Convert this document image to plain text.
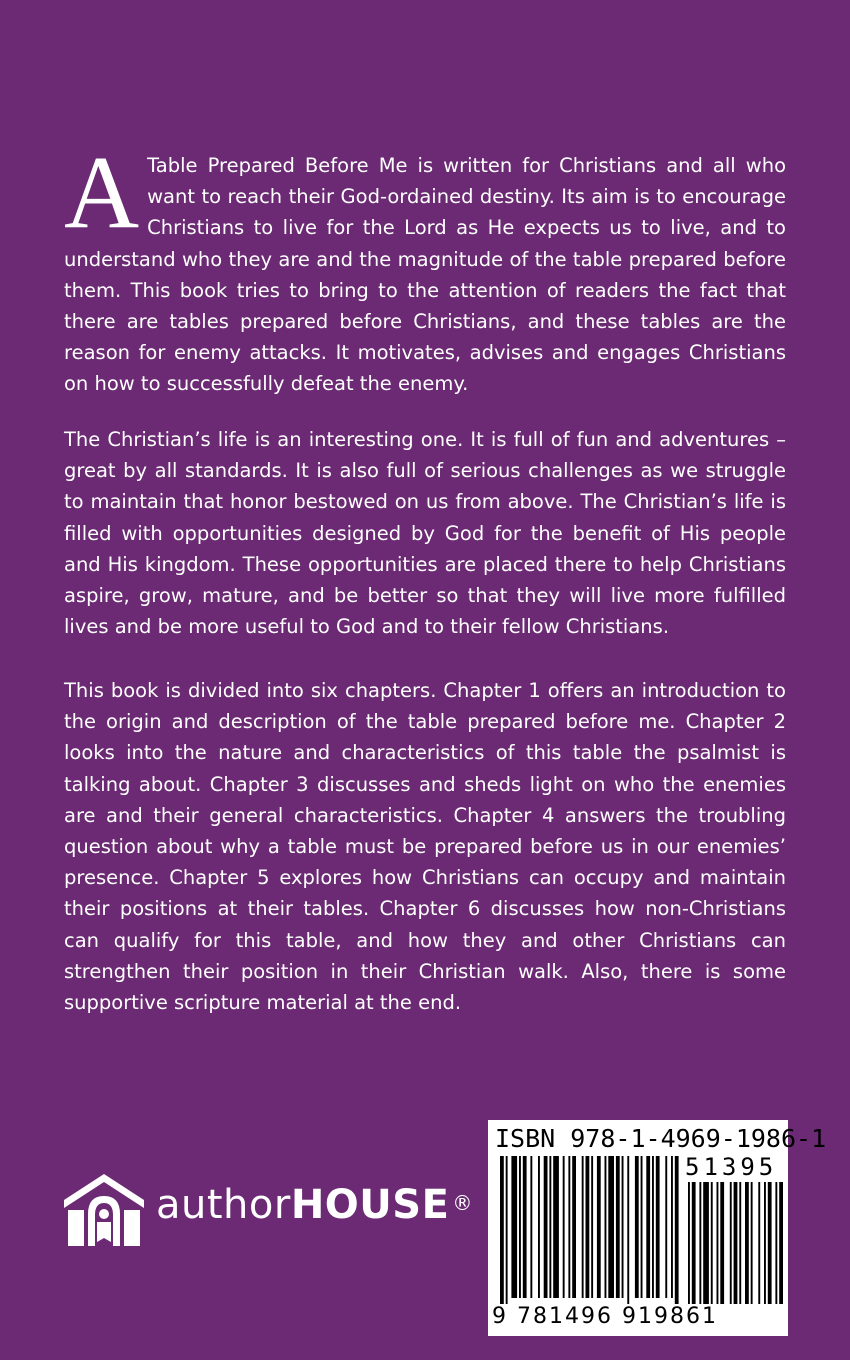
A Table Prepared Before Me is written for Christians and all who want to reach their God-ordained destiny. Its aim is to encourage Christians to live for the Lord as He expects us to live, and to understand who they are and the magnitude of the table prepared before them. This book tries to bring to the attention of readers the fact that there are tables prepared before Christians, and these tables are the reason for enemy attacks. It motivates, advises and engages Christians on how to successfully defeat the enemy.

The Christian’s life is an interesting one. It is full of fun and adventures – great by all standards. It is also full of serious challenges as we struggle to maintain that honor bestowed on us from above. The Christian’s life is filled with opportunities designed by God for the benefit of His people and His kingdom. These opportunities are placed there to help Christians aspire, grow, mature, and be better so that they will live more fulfilled lives and be more useful to God and to their fellow Christians.

This book is divided into six chapters. Chapter 1 offers an introduction to the origin and description of the table prepared before me. Chapter 2 looks into the nature and characteristics of this table the psalmist is talking about. Chapter 3 discusses and sheds light on who the enemies are and their general characteristics. Chapter 4 answers the troubling question about why a table must be prepared before us in our enemies’ presence. Chapter 5 explores how Christians can occupy and maintain their positions at their tables. Chapter 6 discusses how non-Christians can qualify for this table, and how they and other Christians can strengthen their position in their Christian walk. Also, there is some supportive scripture material at the end.

authorHOUSE ®
ISBN 978-1-4969-1986-1
51395
9 781496 919861
